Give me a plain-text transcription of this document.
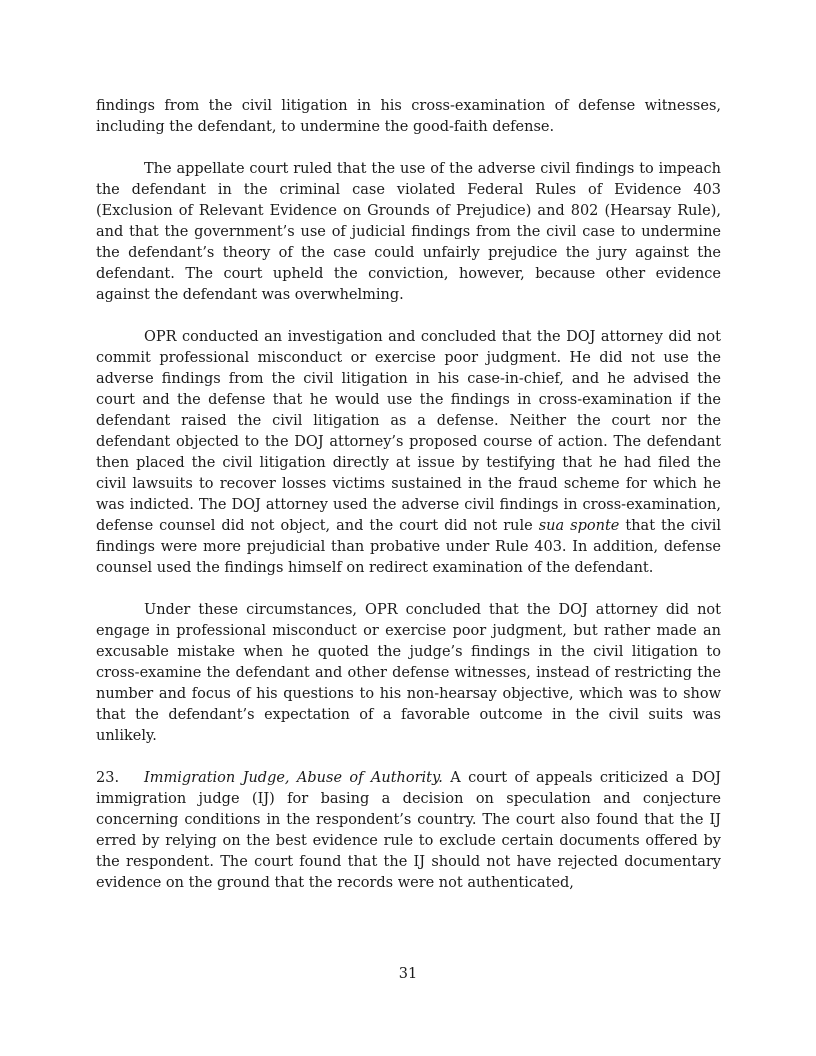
findings from the civil litigation in his cross-examination of defense witnesses, including the defendant, to undermine the good-faith defense.

The appellate court ruled that the use of the adverse civil findings to impeach the defendant in the criminal case violated Federal Rules of Evidence 403 (Exclusion of Relevant Evidence on Grounds of Prejudice) and 802 (Hearsay Rule), and that the government’s use of judicial findings from the civil case to undermine the defendant’s theory of the case could unfairly prejudice the jury against the defendant. The court upheld the conviction, however, because other evidence against the defendant was overwhelming.

OPR conducted an investigation and concluded that the DOJ attorney did not commit professional misconduct or exercise poor judgment. He did not use the adverse findings from the civil litigation in his case-in-chief, and he advised the court and the defense that he would use the findings in cross-examination if the defendant raised the civil litigation as a defense. Neither the court nor the defendant objected to the DOJ attorney’s proposed course of action. The defendant then placed the civil litigation directly at issue by testifying that he had filed the civil lawsuits to recover losses victims sustained in the fraud scheme for which he was indicted. The DOJ attorney used the adverse civil findings in cross-examination, defense counsel did not object, and the court did not rule sua sponte that the civil findings were more prejudicial than probative under Rule 403. In addition, defense counsel used the findings himself on redirect examination of the defendant.

Under these circumstances, OPR concluded that the DOJ attorney did not engage in professional misconduct or exercise poor judgment, but rather made an excusable mistake when he quoted the judge’s findings in the civil litigation to cross-examine the defendant and other defense witnesses, instead of restricting the number and focus of his questions to his non-hearsay objective, which was to show that the defendant’s expectation of a favorable outcome in the civil suits was unlikely.

23. Immigration Judge, Abuse of Authority. A court of appeals criticized a DOJ immigration judge (IJ) for basing a decision on speculation and conjecture concerning conditions in the respondent’s country. The court also found that the IJ erred by relying on the best evidence rule to exclude certain documents offered by the respondent. The court found that the IJ should not have rejected documentary evidence on the ground that the records were not authenticated,

31
